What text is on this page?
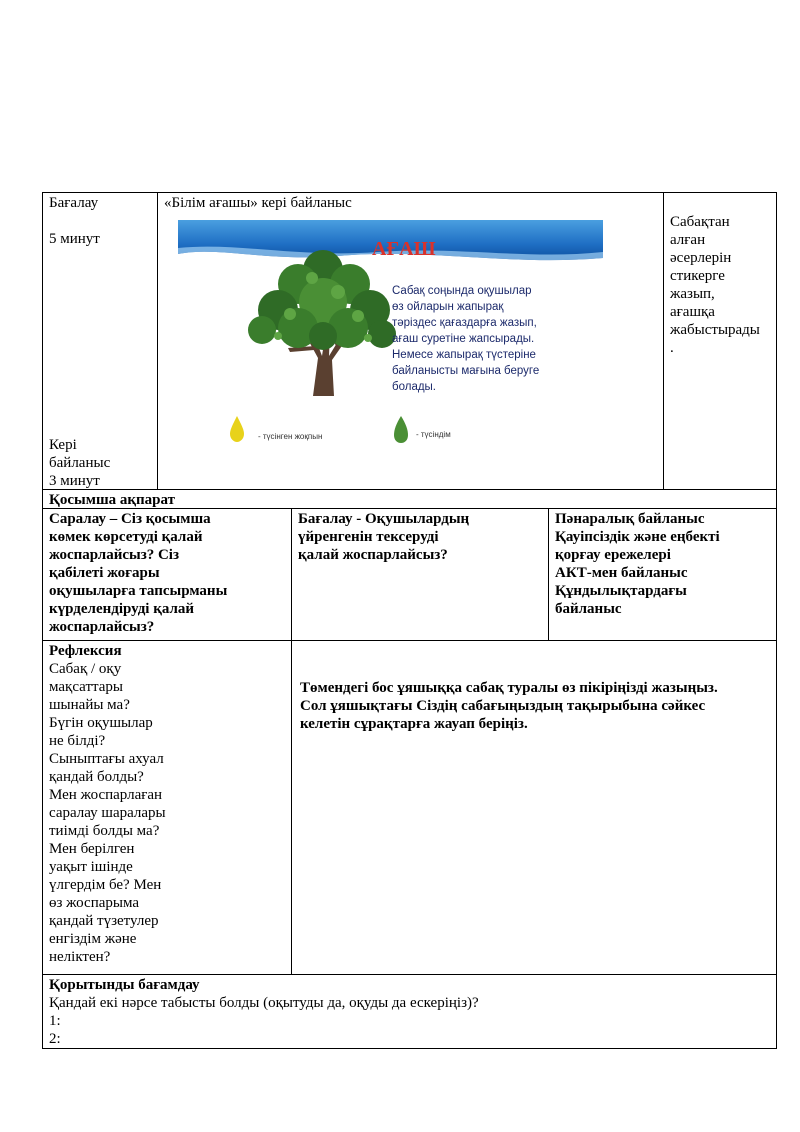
Бағалау
5 минут

Кері

байланыс

3 минут

«Білім ағашы» кері байланыс

Сабақтан

алған

әсерлерін

стикерге

жазып,

ағашқа

жабыстырады

.

Қосымша ақпарат

Саралау – Сіз қосымша

көмек көрсетуді қалай

жоспарлайсыз? Сіз

қабілеті жоғары

оқушыларға тапсырманы

күрделендіруді қалай

жоспарлайсыз?

Бағалау - Оқушылардың

үйренгенін тексеруді

қалай жоспарлайсыз?

Пәнаралық байланыс

Қауіпсіздік және еңбекті

қорғау ережелері

АКТ-мен байланыс

Құндылықтардағы

байланыс

Рефлексия

Сабақ / оқу

мақсаттары

шынайы ма?

Бүгін оқушылар

не білді?

Сыныптағы ахуал

қандай болды?

Мен жоспарлаған

саралау шаралары

тиімді болды ма?

Мен берілген

уақыт ішінде

үлгердім бе? Мен

өз жоспарыма

қандай түзетулер

енгіздім және

неліктен?

Төмендегі бос ұяшыққа сабақ туралы өз пікіріңізді жазыңыз.

Сол ұяшықтағы Сіздің сабағыңыздың тақырыбына сәйкес

келетін сұрақтарға жауап беріңіз.

Қорытынды бағамдау

Қандай екі нәрсе табысты болды (оқытуды да, оқуды да ескеріңіз)?

1:

2:

АҒАШ
Сабақ соңында оқушылар
өз ойларын жапырақ
тәріздес қағаздарға жазып,
ағаш суретіне жапсырады.
Немесе жапырақ түстеріне
байланысты мағына беруге
болады.
- түсінген жоқпын	- түсіндім
